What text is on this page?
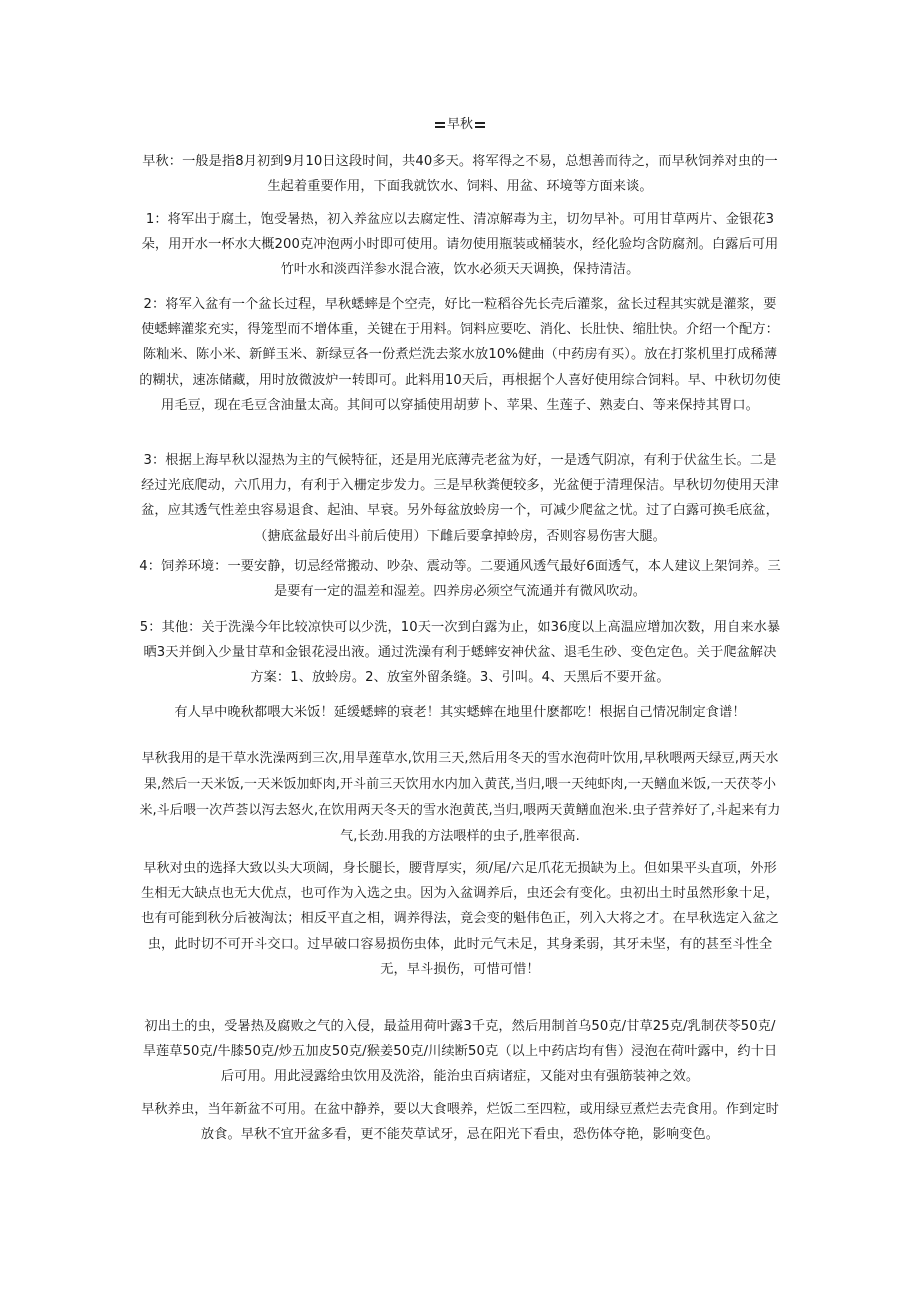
早秋
早秋：一般是指8月初到9月10日这段时间，共40多天。将军得之不易，总想善而待之，而早秋饲养对虫的一生起着重要作用，下面我就饮水、饲料、用盆、环境等方面来谈。
1：将军出于腐土，饱受暑热，初入养盆应以去腐定性、清凉解毒为主，切勿早补。可用甘草两片、金银花3朵，用开水一杯水大概200克冲泡两小时即可使用。请勿使用瓶装或桶装水，经化验均含防腐剂。白露后可用竹叶水和淡西洋参水混合液，饮水必须天天调换，保持清洁。
2：将军入盆有一个盆长过程，早秋蟋蟀是个空壳，好比一粒稻谷先长壳后灌浆，盆长过程其实就是灌浆，要使蟋蟀灌浆充实，得笼型而不增体重，关键在于用料。饲料应要吃、消化、长肚快、缩肚快。介绍一个配方：陈籼米、陈小米、新鲜玉米、新绿豆各一份煮烂洗去浆水放10%健曲（中药房有买）。放在打浆机里打成稀薄的糊状，速冻储藏，用时放微波炉一转即可。此料用10天后，再根据个人喜好使用综合饲料。早、中秋切勿使用毛豆，现在毛豆含油量太高。其间可以穿插使用胡萝卜、苹果、生莲子、熟麦白、等来保持其胃口。
3：根据上海早秋以湿热为主的气候特征，还是用光底薄壳老盆为好，一是透气阴凉，有利于伏盆生长。二是经过光底爬动，六爪用力，有利于入栅定步发力。三是早秋粪便较多，光盆便于清理保洁。早秋切勿使用天津盆，应其透气性差虫容易退食、起油、早衰。另外每盆放蛉房一个，可减少爬盆之忧。过了白露可换毛底盆，（搪底盆最好出斗前后使用）下雌后要拿掉蛉房，否则容易伤害大腿。
4：饲养环境：一要安静，切忌经常搬动、吵杂、震动等。二要通风透气最好6面透气，本人建议上架饲养。三是要有一定的温差和湿差。四养房必须空气流通并有微风吹动。
5：其他：关于洗澡今年比较凉快可以少洗，10天一次到白露为止，如36度以上高温应增加次数，用自来水暴晒3天并倒入少量甘草和金银花浸出液。通过洗澡有利于蟋蟀安神伏盆、退毛生砂、变色定色。关于爬盆解决方案：1、放蛉房。2、放室外留条缝。3、引叫。4、天黑后不要开盆。
有人早中晚秋都喂大米饭！延缓蟋蟀的衰老！其实蟋蟀在地里什麽都吃！根据自己情况制定食谱！
早秋我用的是干草水洗澡两到三次,用旱莲草水,饮用三天,然后用冬天的雪水泡荷叶饮用,早秋喂两天绿豆,两天水果,然后一天米饭,一天米饭加虾肉,开斗前三天饮用水内加入黄芪,当归,喂一天纯虾肉,一天鳝血米饭,一天茯苓小米,斗后喂一次芦荟以泻去怒火,在饮用两天冬天的雪水泡黄芪,当归,喂两天黄鳝血泡米.虫子营养好了,斗起来有力气,长劲.用我的方法喂样的虫子,胜率很高.
早秋对虫的选择大致以头大项阔，身长腿长，腰背厚实，须/尾/六足爪花无损缺为上。但如果平头直项，外形生相无大缺点也无大优点，也可作为入选之虫。因为入盆调养后，虫还会有变化。虫初出土时虽然形象十足，也有可能到秋分后被淘汰；相反平直之相，调养得法，竟会变的魁伟色正，列入大将之才。在早秋选定入盆之虫，此时切不可开斗交口。过早破口容易损伤虫体，此时元气未足，其身柔弱，其牙未坚，有的甚至斗性全无，早斗损伤，可惜可惜！
初出土的虫，受暑热及腐败之气的入侵，最益用荷叶露3千克，然后用制首乌50克/甘草25克/乳制茯苓50克/旱莲草50克/牛膝50克/炒五加皮50克/猴姜50克/川续断50克（以上中药店均有售）浸泡在荷叶露中，约十日后可用。用此浸露给虫饮用及洗浴，能治虫百病诸症，又能对虫有强筋装神之效。
早秋养虫，当年新盆不可用。在盆中静养，要以大食喂养，烂饭二至四粒，或用绿豆煮烂去壳食用。作到定时放食。早秋不宜开盆多看，更不能芡草试牙，忌在阳光下看虫，恐伤体夺艳，影响变色。
